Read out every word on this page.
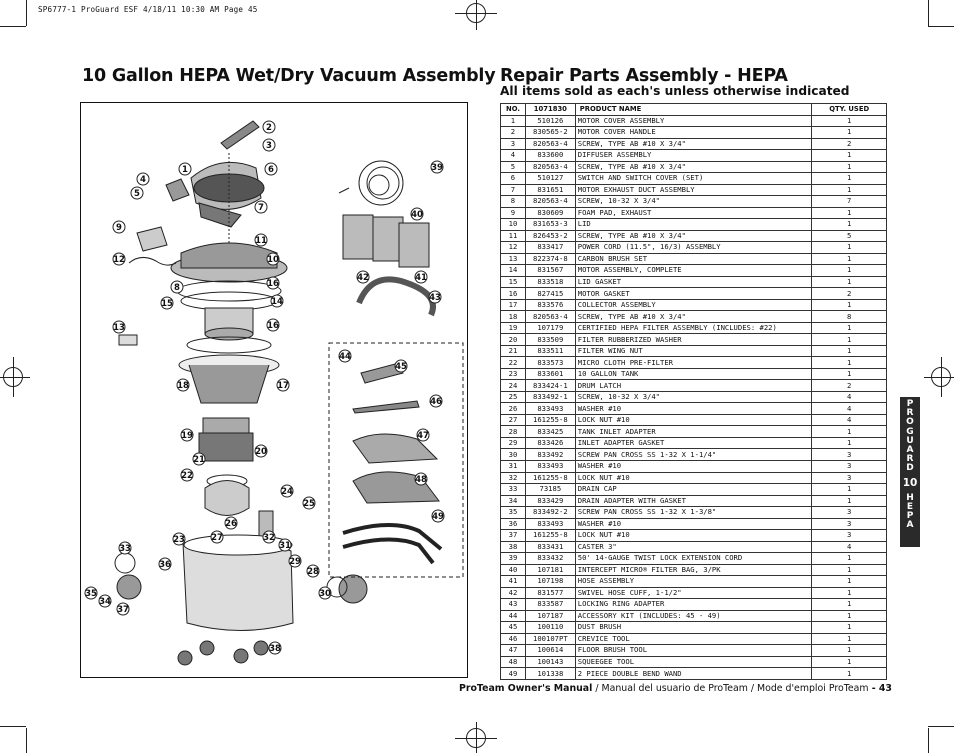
SP6777-1 ProGuard ESF 4/18/11 10:30 AM Page 45
10 Gallon HEPA Wet/Dry Vacuum Assembly Repair Parts Assembly - HEPA
All items sold as each's unless otherwise indicated
1
2
3
4
5
6
7
8
9
10
11
12
13
14
15
16
16
17
18
19
20
21
22
23
24
25
26
27
28
29
30
31
32
33
34
35
36
37
38
39
40
41
42
43
44
45
46
47
48
49
NO.	1071830	PRODUCT NAME	QTY. USED
1	510126	MOTOR COVER ASSEMBLY	1
2	830565-2	MOTOR COVER HANDLE	1
3	820563-4	SCREW, TYPE AB #10 X 3/4"	2
4	833600	DIFFUSER ASSEMBLY	1
5	820563-4	SCREW, TYPE AB #10 X 3/4"	1
6	510127	SWITCH AND SWITCH COVER (SET)	1
7	831651	MOTOR EXHAUST DUCT ASSEMBLY	1
8	820563-4	SCREW, 10-32 X 3/4"	7
9	830609	FOAM PAD, EXHAUST	1
10	831653-3	LID	1
11	826453-2	SCREW, TYPE AB #10 X 3/4"	5
12	833417	POWER CORD (11.5", 16/3) ASSEMBLY	1
13	822374-8	CARBON BRUSH SET	1
14	831567	MOTOR ASSEMBLY, COMPLETE	1
15	833518	LID GASKET	1
16	827415	MOTOR GASKET	2
17	833576	COLLECTOR ASSEMBLY	1
18	820563-4	SCREW, TYPE AB #10 X 3/4"	8
19	107179	CERTIFIED HEPA FILTER ASSEMBLY (INCLUDES: #22)	1
20	833509	FILTER RUBBERIZED WASHER	1
21	833511	FILTER WING NUT	1
22	833573	MICRO CLOTH PRE-FILTER	1
23	833601	10 GALLON TANK	1
24	833424-1	DRUM LATCH	2
25	833492-1	SCREW, 10-32 X 3/4"	4
26	833493	WASHER #10	4
27	161255-8	LOCK NUT #10	4
28	833425	TANK INLET ADAPTER	1
29	833426	INLET ADAPTER GASKET	1
30	833492	SCREW PAN CROSS SS 1-32 X 1-1/4"	3
31	833493	WASHER #10	3
32	161255-8	LOCK NUT #10	3
33	73185	DRAIN CAP	1
34	833429	DRAIN ADAPTER WITH GASKET	1
35	833492-2	SCREW PAN CROSS SS 1-32 X 1-3/8"	3
36	833493	WASHER #10	3
37	161255-8	LOCK NUT #10	3
38	833431	CASTER 3"	4
39	833432	50' 14-GAUGE TWIST LOCK EXTENSION CORD	1
40	107181	INTERCEPT MICRO® FILTER BAG, 3/PK	1
41	107198	HOSE ASSEMBLY	1
42	831577	SWIVEL HOSE CUFF, 1-1/2"	1
43	833587	LOCKING RING ADAPTER	1
44	107187	ACCESSORY KIT (INCLUDES: 45 - 49)	1
45	100110	DUST BRUSH	1
46	100107PT	CREVICE TOOL	1
47	100614	FLOOR BRUSH TOOL	1
48	100143	SQUEEGEE TOOL	1
49	101338	2 PIECE DOUBLE BEND WAND	1
P
R
O
G
U
A
R
D
10
H
E
P
A
ProTeam Owner's Manual / Manual del usuario de ProTeam / Mode d'emploi ProTeam - 43
